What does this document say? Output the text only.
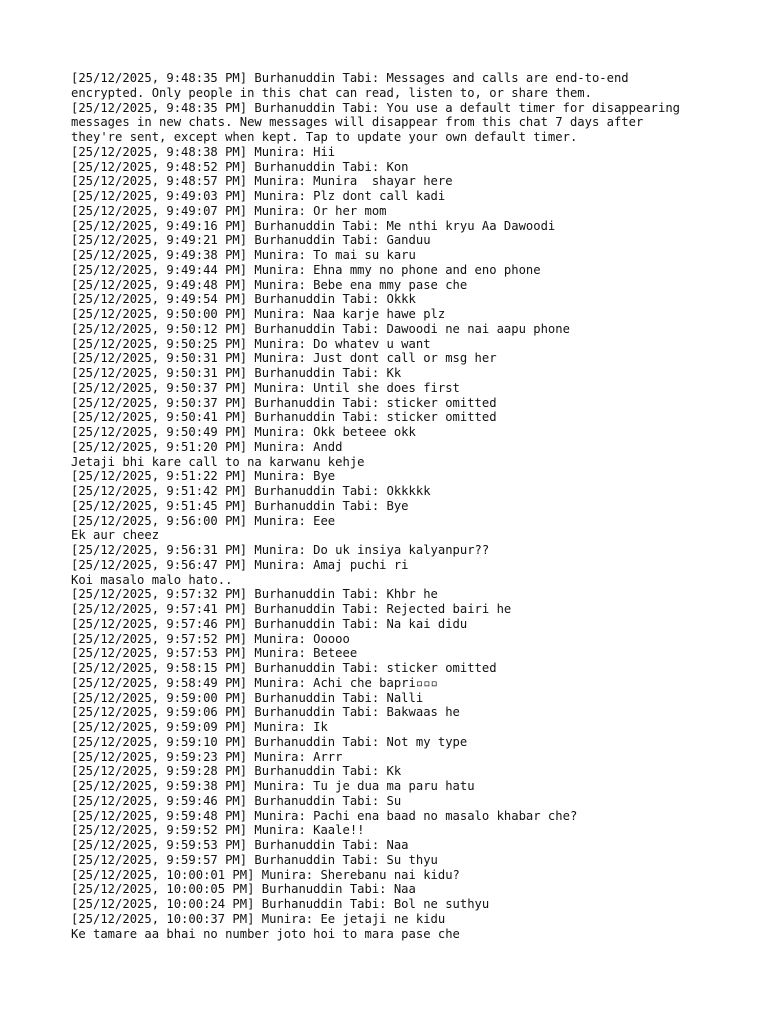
[25/12/2025, 9:48:35 PM] Burhanuddin Tabi: Messages and calls are end-to-end
encrypted. Only people in this chat can read, listen to, or share them.
[25/12/2025, 9:48:35 PM] Burhanuddin Tabi: You use a default timer for disappearing
messages in new chats. New messages will disappear from this chat 7 days after
they're sent, except when kept. Tap to update your own default timer.
[25/12/2025, 9:48:38 PM] Munira: Hii
[25/12/2025, 9:48:52 PM] Burhanuddin Tabi: Kon
[25/12/2025, 9:48:57 PM] Munira: Munira  shayar here
[25/12/2025, 9:49:03 PM] Munira: Plz dont call kadi
[25/12/2025, 9:49:07 PM] Munira: Or her mom
[25/12/2025, 9:49:16 PM] Burhanuddin Tabi: Me nthi kryu Aa Dawoodi
[25/12/2025, 9:49:21 PM] Burhanuddin Tabi: Ganduu
[25/12/2025, 9:49:38 PM] Munira: To mai su karu
[25/12/2025, 9:49:44 PM] Munira: Ehna mmy no phone and eno phone
[25/12/2025, 9:49:48 PM] Munira: Bebe ena mmy pase che
[25/12/2025, 9:49:54 PM] Burhanuddin Tabi: Okkk
[25/12/2025, 9:50:00 PM] Munira: Naa karje hawe plz
[25/12/2025, 9:50:12 PM] Burhanuddin Tabi: Dawoodi ne nai aapu phone
[25/12/2025, 9:50:25 PM] Munira: Do whatev u want
[25/12/2025, 9:50:31 PM] Munira: Just dont call or msg her
[25/12/2025, 9:50:31 PM] Burhanuddin Tabi: Kk
[25/12/2025, 9:50:37 PM] Munira: Until she does first
[25/12/2025, 9:50:37 PM] Burhanuddin Tabi: sticker omitted
[25/12/2025, 9:50:41 PM] Burhanuddin Tabi: sticker omitted
[25/12/2025, 9:50:49 PM] Munira: Okk beteee okk
[25/12/2025, 9:51:20 PM] Munira: Andd
Jetaji bhi kare call to na karwanu kehje
[25/12/2025, 9:51:22 PM] Munira: Bye
[25/12/2025, 9:51:42 PM] Burhanuddin Tabi: Okkkkk
[25/12/2025, 9:51:45 PM] Burhanuddin Tabi: Bye
[25/12/2025, 9:56:00 PM] Munira: Eee
Ek aur cheez
[25/12/2025, 9:56:31 PM] Munira: Do uk insiya kalyanpur??
[25/12/2025, 9:56:47 PM] Munira: Amaj puchi ri
Koi masalo malo hato..
[25/12/2025, 9:57:32 PM] Burhanuddin Tabi: Khbr he
[25/12/2025, 9:57:41 PM] Burhanuddin Tabi: Rejected bairi he
[25/12/2025, 9:57:46 PM] Burhanuddin Tabi: Na kai didu
[25/12/2025, 9:57:52 PM] Munira: Ooooo
[25/12/2025, 9:57:53 PM] Munira: Beteee
[25/12/2025, 9:58:15 PM] Burhanuddin Tabi: sticker omitted
[25/12/2025, 9:58:49 PM] Munira: Achi che bapri▫▫▫
[25/12/2025, 9:59:00 PM] Burhanuddin Tabi: Nalli
[25/12/2025, 9:59:06 PM] Burhanuddin Tabi: Bakwaas he
[25/12/2025, 9:59:09 PM] Munira: Ik
[25/12/2025, 9:59:10 PM] Burhanuddin Tabi: Not my type
[25/12/2025, 9:59:23 PM] Munira: Arrr
[25/12/2025, 9:59:28 PM] Burhanuddin Tabi: Kk
[25/12/2025, 9:59:38 PM] Munira: Tu je dua ma paru hatu
[25/12/2025, 9:59:46 PM] Burhanuddin Tabi: Su
[25/12/2025, 9:59:48 PM] Munira: Pachi ena baad no masalo khabar che?
[25/12/2025, 9:59:52 PM] Munira: Kaale!!
[25/12/2025, 9:59:53 PM] Burhanuddin Tabi: Naa
[25/12/2025, 9:59:57 PM] Burhanuddin Tabi: Su thyu
[25/12/2025, 10:00:01 PM] Munira: Sherebanu nai kidu?
[25/12/2025, 10:00:05 PM] Burhanuddin Tabi: Naa
[25/12/2025, 10:00:24 PM] Burhanuddin Tabi: Bol ne suthyu
[25/12/2025, 10:00:37 PM] Munira: Ee jetaji ne kidu
Ke tamare aa bhai no number joto hoi to mara pase che
